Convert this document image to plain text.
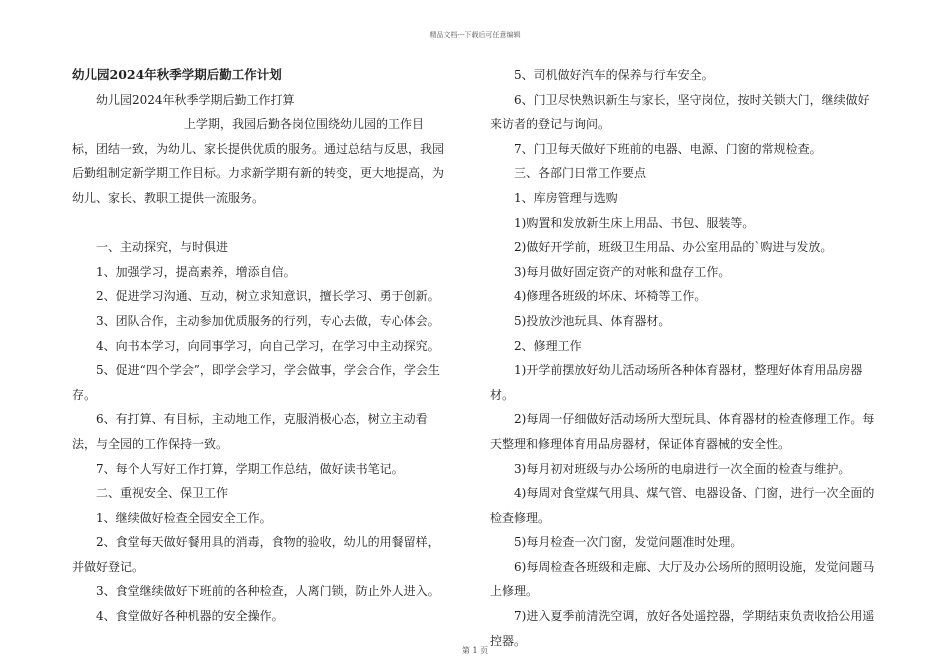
精品文档---下载后可任意编辑

幼儿园2024年秋季学期后勤工作计划

幼儿园2024年秋季学期后勤工作打算

上学期，我园后勤各岗位围绕幼儿园的工作目标，团结一致，为幼儿、家长提供优质的服务。通过总结与反思，我园后勤组制定新学期工作目标。力求新学期有新的转变，更大地提高，为幼儿、家长、教职工提供一流服务。

一、主动探究，与时俱进

1、加强学习，提高素养，增添自信。

2、促进学习沟通、互动，树立求知意识，擅长学习、勇于创新。

3、团队合作，主动参加优质服务的行列，专心去做，专心体会。

4、向书本学习，向同事学习，向自己学习，在学习中主动探究。

5、促进“四个学会”，即学会学习，学会做事，学会合作，学会生存。

6、有打算、有目标，主动地工作，克服消极心态，树立主动看法，与全园的工作保持一致。

7、每个人写好工作打算，学期工作总结，做好读书笔记。

二、重视安全、保卫工作

1、继续做好检查全园安全工作。

2、食堂每天做好餐用具的消毒，食物的验收，幼儿的用餐留样，并做好登记。

3、食堂继续做好下班前的各种检查，人离门锁，防止外人进入。

4、食堂做好各种机器的安全操作。

5、司机做好汽车的保养与行车安全。

6、门卫尽快熟识新生与家长，坚守岗位，按时关锁大门，继续做好来访者的登记与询问。

7、门卫每天做好下班前的电器、电源、门窗的常规检查。

三、各部门日常工作要点

1、库房管理与选购

1)购置和发放新生床上用品、书包、服装等。

2)做好开学前，班级卫生用品、办公室用品的`购进与发放。

3)每月做好固定资产的对帐和盘存工作。

4)修理各班级的坏床、坏椅等工作。

5)投放沙池玩具、体育器材。

2、修理工作

1)开学前摆放好幼儿活动场所各种体育器材，整理好体育用品房器材。

2)每周一仔细做好活动场所大型玩具、体育器材的检查修理工作。每天整理和修理体育用品房器材，保证体育器械的安全性。

3)每月初对班级与办公场所的电扇进行一次全面的检查与维护。

4)每周对食堂煤气用具、煤气管、电器设备、门窗，进行一次全面的检查修理。

5)每月检查一次门窗，发觉问题准时处理。

6)每周检查各班级和走廊、大厅及办公场所的照明设施，发觉问题马上修理。

7)进入夏季前清洗空调，放好各处遥控器，学期结束负责收拾公用遥控器。

第 1 页
